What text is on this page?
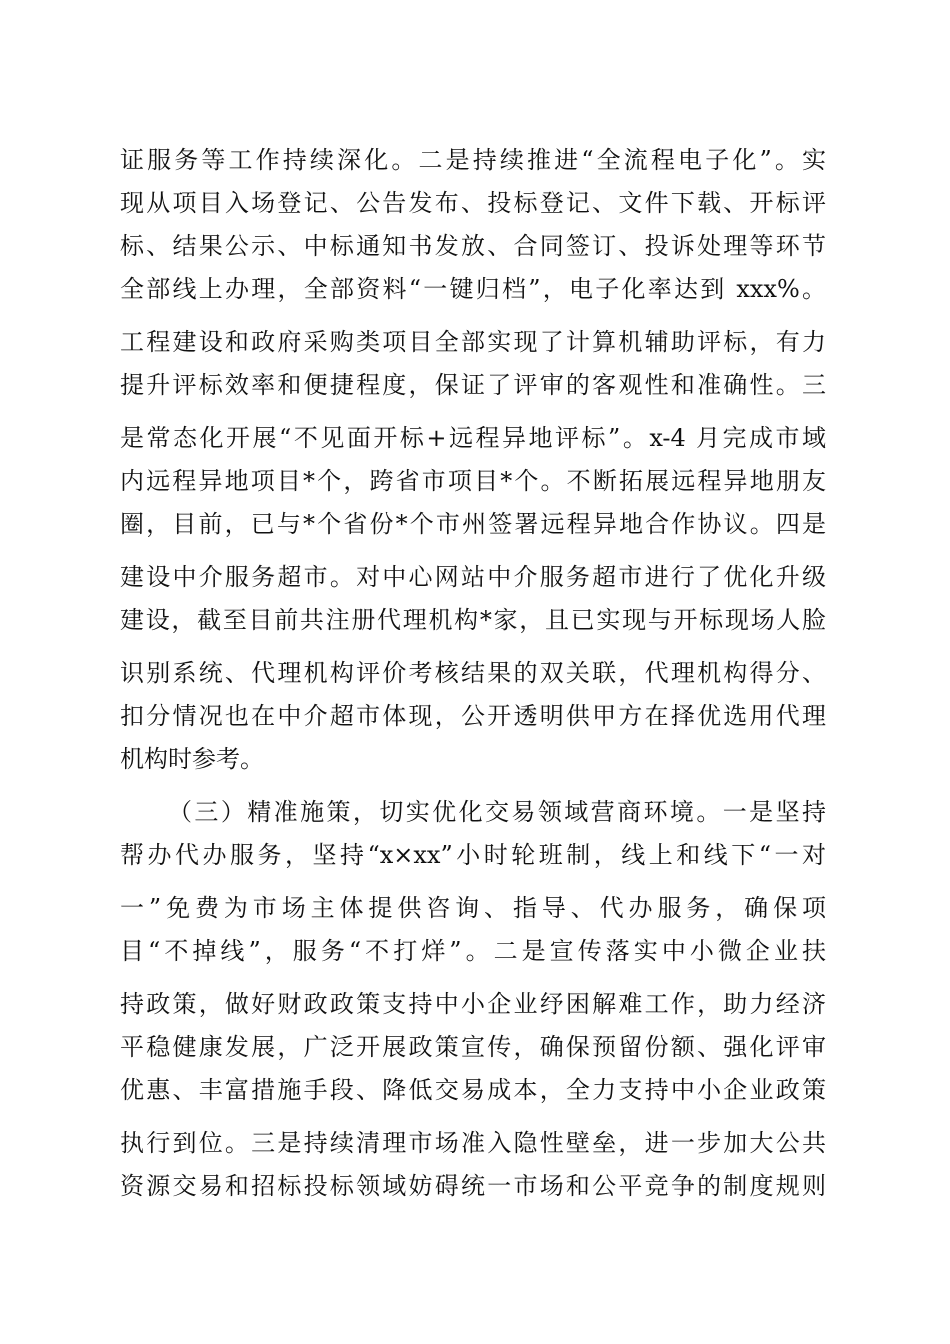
证服务等工作持续深化。二是持续推进“全流程电子化”。实
现从项目入场登记、公告发布、投标登记、文件下载、开标评
标、结果公示、中标通知书发放、合同签订、投诉处理等环节
全部线上办理，全部资料“一键归档”，电子化率达到 xxx%。
工程建设和政府采购类项目全部实现了计算机辅助评标，有力
提升评标效率和便捷程度，保证了评审的客观性和准确性。三
是常态化开展“不见面开标+远程异地评标”。x-4 月完成市域
内远程异地项目*个，跨省市项目*个。不断拓展远程异地朋友
圈，目前，已与*个省份*个市州签署远程异地合作协议。四是
建设中介服务超市。对中心网站中介服务超市进行了优化升级
建设，截至目前共注册代理机构*家，且已实现与开标现场人脸
识别系统、代理机构评价考核结果的双关联，代理机构得分、
扣分情况也在中介超市体现，公开透明供甲方在择优选用代理
机构时参考。
（三）精准施策，切实优化交易领域营商环境。一是坚持
帮办代办服务，坚持“x×xx”小时轮班制，线上和线下“一对
一”免费为市场主体提供咨询、指导、代办服务，确保项
目“不掉线”，服务“不打烊”。二是宣传落实中小微企业扶
持政策，做好财政政策支持中小企业纾困解难工作，助力经济
平稳健康发展，广泛开展政策宣传，确保预留份额、强化评审
优惠、丰富措施手段、降低交易成本，全力支持中小企业政策
执行到位。三是持续清理市场准入隐性壁垒，进一步加大公共
资源交易和招标投标领域妨碍统一市场和公平竞争的制度规则
